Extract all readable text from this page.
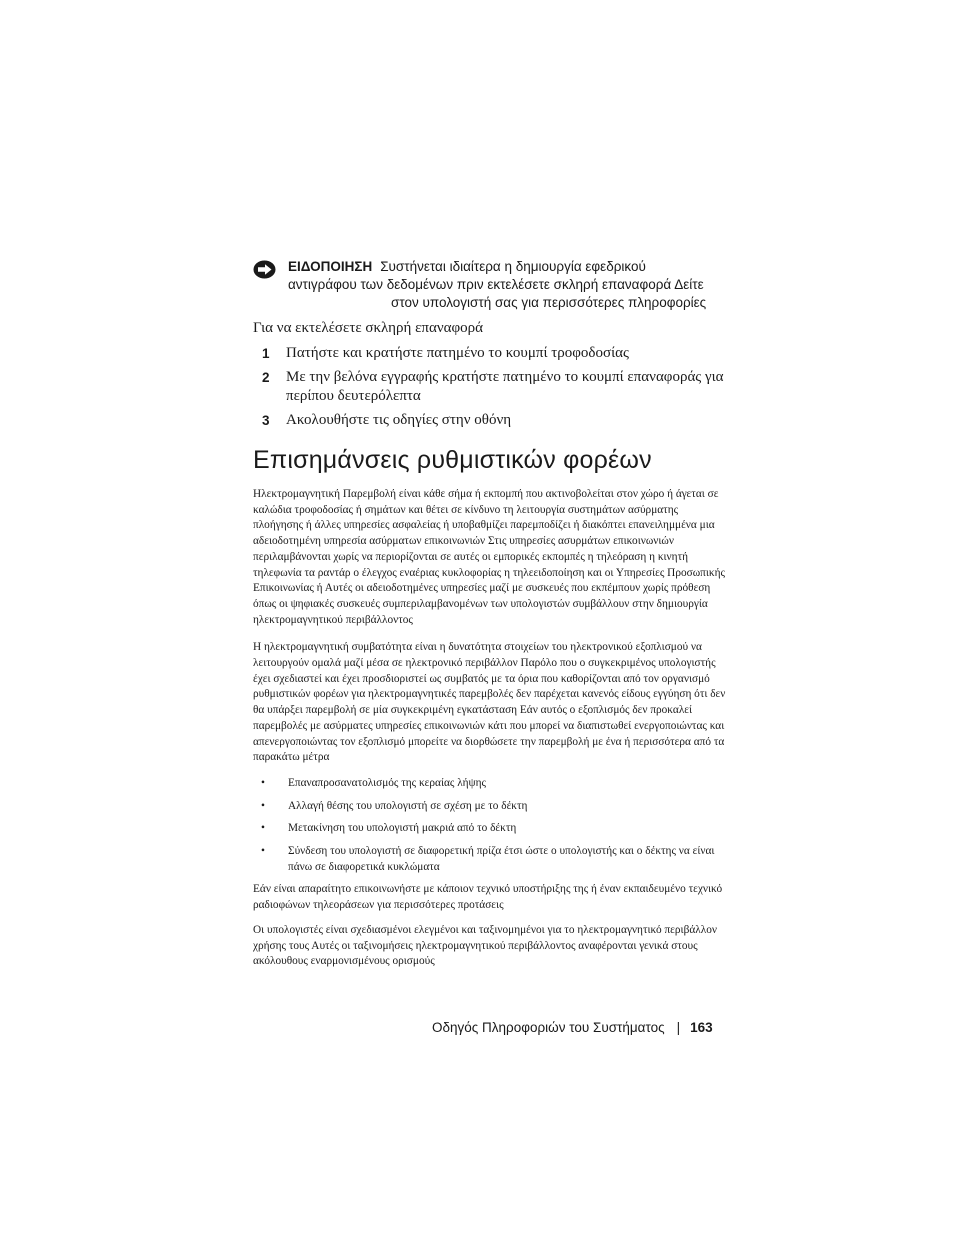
ΕΙΔΟΠΟΙΗΣΗ Συστήνεται ιδιαίτερα η δημιουργία εφεδρικού
αντιγράφου των δεδομένων πριν εκτελέσετε σκληρή επαναφορά Δείτε

στον υπολογιστή σας για περισσότερες πληροφορίες
Για να εκτελέσετε σκληρή επαναφορά
1 Πατήστε και κρατήστε πατημένο το κουμπί τροφοδοσίας
2 Με την βελόνα εγγραφής κρατήστε πατημένο το κουμπί επαναφοράς για περίπου δευτερόλεπτα
3 Ακολουθήστε τις οδηγίες στην οθόνη
Επισημάνσεις ρυθμιστικών φορέων

Ηλεκτρομαγνητική Παρεμβολή είναι κάθε σήμα ή εκπομπή που ακτινοβολείται στον χώρο ή άγεται σε καλώδια τροφοδοσίας ή σημάτων και θέτει σε κίνδυνο τη λειτουργία συστημάτων ασύρματης πλοήγησης ή άλλες υπηρεσίες ασφαλείας ή υποβαθμίζει παρεμποδίζει ή διακόπτει επανειλημμένα μια αδειοδοτημένη υπηρεσία ασύρματων επικοινωνιών Στις υπηρεσίες ασυρμάτων επικοινωνιών περιλαμβάνονται χωρίς να περιορίζονται σε αυτές οι εμπορικές εκπομπές η τηλεόραση η κινητή τηλεφωνία τα ραντάρ ο έλεγχος εναέριας κυκλοφορίας η τηλεειδοποίηση και οι Υπηρεσίες Προσωπικής Επικοινωνίας ή Αυτές οι αδειοδοτημένες υπηρεσίες μαζί με συσκευές που εκπέμπουν χωρίς πρόθεση όπως οι ψηφιακές συσκευές συμπεριλαμβανομένων των υπολογιστών συμβάλλουν στην δημιουργία ηλεκτρομαγνητικού περιβάλλοντος

Η ηλεκτρομαγνητική συμβατότητα είναι η δυνατότητα στοιχείων του ηλεκτρονικού εξοπλισμού να λειτουργούν ομαλά μαζί μέσα σε ηλεκτρονικό περιβάλλον Παρόλο που ο συγκεκριμένος υπολογιστής έχει σχεδιαστεί και έχει προσδιοριστεί ως συμβατός με τα όρια που καθορίζονται από τον οργανισμό ρυθμιστικών φορέων για ηλεκτρομαγνητικές παρεμβολές δεν παρέχεται κανενός είδους εγγύηση ότι δεν θα υπάρξει παρεμβολή σε μία συγκεκριμένη εγκατάσταση Εάν αυτός ο εξοπλισμός δεν προκαλεί παρεμβολές με ασύρματες υπηρεσίες επικοινωνιών κάτι που μπορεί να διαπιστωθεί ενεργοποιώντας και απενεργοποιώντας τον εξοπλισμό μπορείτε να διορθώσετε την παρεμβολή με ένα ή περισσότερα από τα παρακάτω μέτρα

• Επαναπροσανατολισμός της κεραίας λήψης
• Αλλαγή θέσης του υπολογιστή σε σχέση με το δέκτη
• Μετακίνηση του υπολογιστή μακριά από το δέκτη
• Σύνδεση του υπολογιστή σε διαφορετική πρίζα έτσι ώστε ο υπολογιστής και ο δέκτης να είναι πάνω σε διαφορετικά κυκλώματα

Εάν είναι απαραίτητο επικοινωνήστε με κάποιον τεχνικό υποστήριξης της ή έναν εκπαιδευμένο τεχνικό ραδιοφώνων τηλεοράσεων για περισσότερες προτάσεις

Οι υπολογιστές είναι σχεδιασμένοι ελεγμένοι και ταξινομημένοι για το ηλεκτρομαγνητικό περιβάλλον χρήσης τους Αυτές οι ταξινομήσεις ηλεκτρομαγνητικού περιβάλλοντος αναφέρονται γενικά στους ακόλουθους εναρμονισμένους ορισμούς

Οδηγός Πληροφοριών του Συστήματος | 163
